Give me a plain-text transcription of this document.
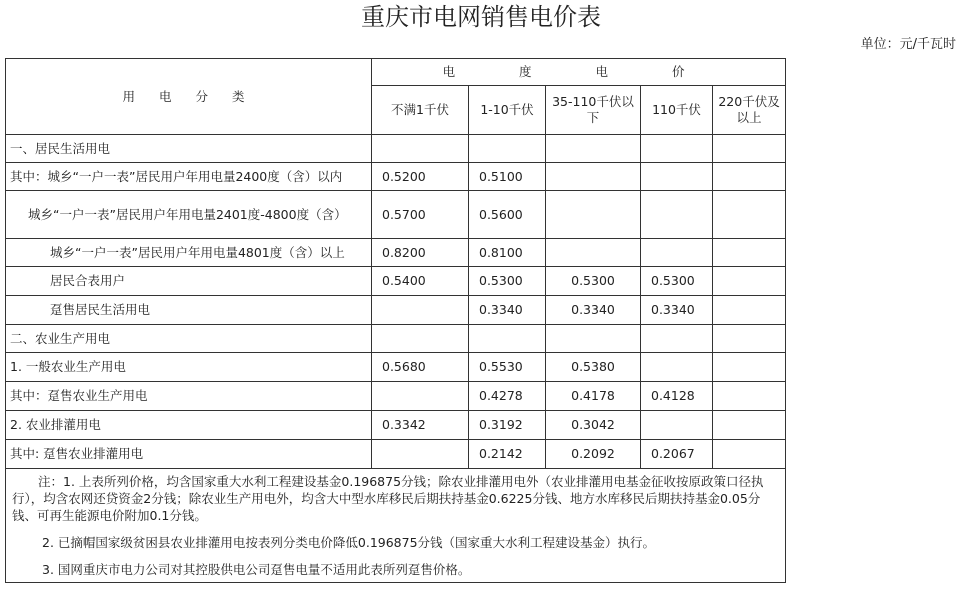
重庆市电网销售电价表
单位：元/千瓦时
用 电 分 类	电 度 电 价				
	不满1千伏	1-10千伏	35-110千伏以下	110千伏	220千伏及以上
一、居民生活用电					
其中：城乡“一户一表”居民用户年用电量2400度（含）以内	0.5200	0.5100			
城乡“一户一表”居民用户年用电量2401度-4800度（含）	0.5700	0.5600			
城乡“一户一表”居民用户年用电量4801度（含）以上	0.8200	0.8100			
居民合表用户	0.5400	0.5300	0.5300	0.5300	
趸售居民生活用电		0.3340	0.3340	0.3340	
二、农业生产用电					
1. 一般农业生产用电	0.5680	0.5530	0.5380		
其中：趸售农业生产用电		0.4278	0.4178	0.4128	
2. 农业排灌用电	0.3342	0.3192	0.3042		
其中: 趸售农业排灌用电		0.2142	0.2092	0.2067	

注：1. 上表所列价格，均含国家重大水利工程建设基金0.196875分钱；除农业排灌用电外（农业排灌用电基金征收按原政策口径执行），均含农网还贷资金2分钱；除农业生产用电外，均含大中型水库移民后期扶持基金0.6225分钱、地方水库移民后期扶持基金0.05分钱、可再生能源电价附加0.1分钱。
2. 已摘帽国家级贫困县农业排灌用电按表列分类电价降低0.196875分钱（国家重大水利工程建设基金）执行。
3. 国网重庆市电力公司对其控股供电公司趸售电量不适用此表所列趸售价格。					
